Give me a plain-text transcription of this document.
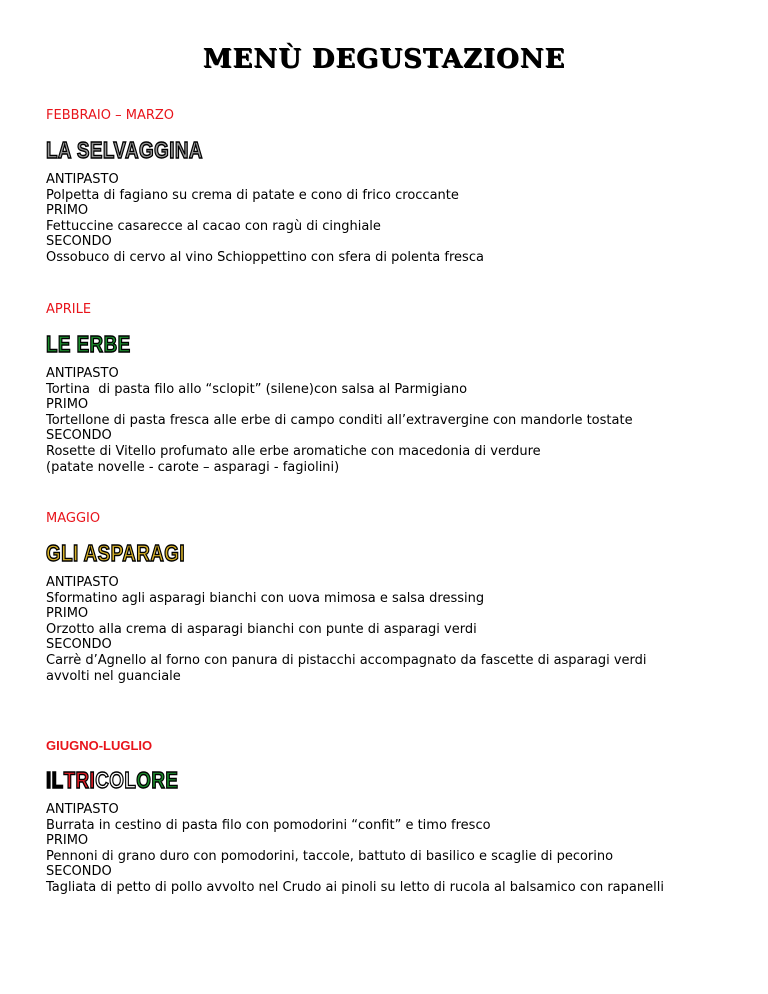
MENÙ DEGUSTAZIONE

FEBBRAIO – MARZO

LA SELVAGGINA
ANTIPASTO
Polpetta di fagiano su crema di patate e cono di frico croccante
PRIMO
Fettuccine casarecce al cacao con ragù di cinghiale
SECONDO
Ossobuco di cervo al vino Schioppettino con sfera di polenta fresca

APRILE

LE ERBE
ANTIPASTO
Tortina  di pasta filo allo “sclopit” (silene)con salsa al Parmigiano
PRIMO
Tortellone di pasta fresca alle erbe di campo conditi all’extravergine con mandorle tostate
SECONDO
Rosette di Vitello profumato alle erbe aromatiche con macedonia di verdure
(patate novelle - carote – asparagi - fagiolini)

MAGGIO

GLI ASPARAGI
ANTIPASTO
Sformatino agli asparagi bianchi con uova mimosa e salsa dressing
PRIMO
Orzotto alla crema di asparagi bianchi con punte di asparagi verdi
SECONDO
Carrè d’Agnello al forno con panura di pistacchi accompagnato da fascette di asparagi verdi
avvolti nel guanciale

GIUGNO-LUGLIO

ILTRICOLORE
ANTIPASTO
Burrata in cestino di pasta filo con pomodorini “confit” e timo fresco
PRIMO
Pennoni di grano duro con pomodorini, taccole, battuto di basilico e scaglie di pecorino
SECONDO
Tagliata di petto di pollo avvolto nel Crudo ai pinoli su letto di rucola al balsamico con rapanelli
